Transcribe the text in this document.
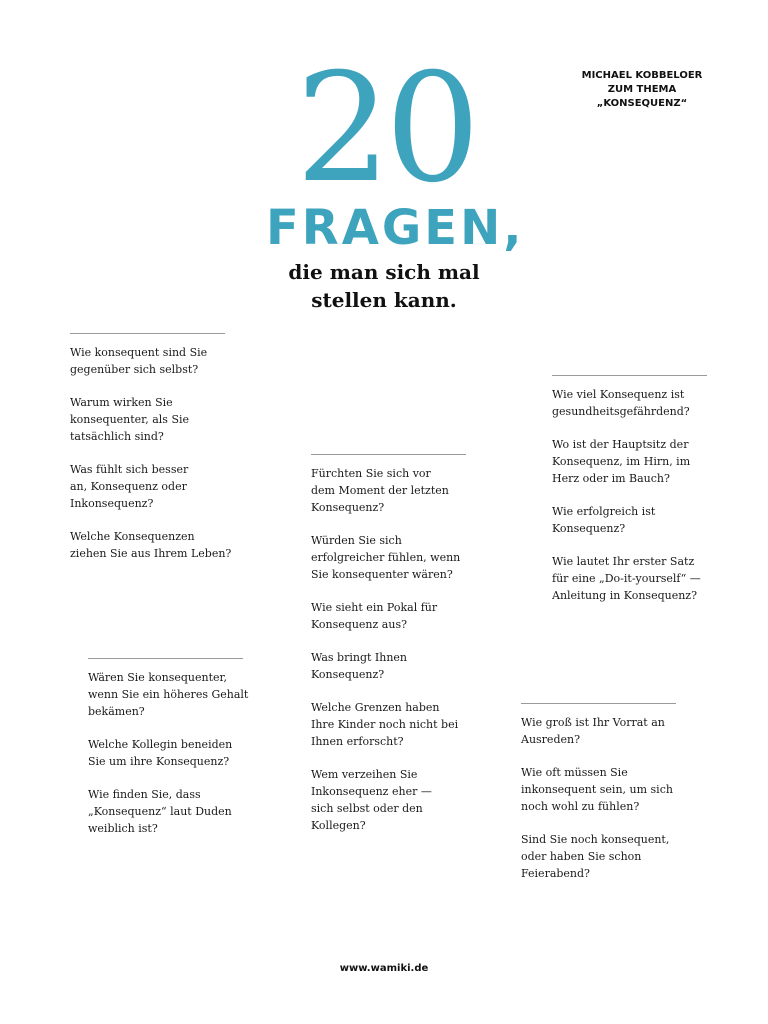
20
FRAGEN,
die man sich mal
stellen kann.
MICHAEL KOBBELOER
ZUM THEMA
„KONSEQUENZ“

Wie konsequent sind Sie
gegenüber sich selbst?

Warum wirken Sie
konsequenter, als Sie
tatsächlich sind?

Was fühlt sich besser
an, Konsequenz oder
Inkonsequenz?

Welche Konsequenzen
ziehen Sie aus Ihrem Leben?

Wären Sie konsequenter,
wenn Sie ein höheres Gehalt
bekämen?

Welche Kollegin beneiden
Sie um ihre Konsequenz?

Wie finden Sie, dass
„Konsequenz“ laut Duden
weiblich ist?

Fürchten Sie sich vor
dem Moment der letzten
Konsequenz?

Würden Sie sich
erfolgreicher fühlen, wenn
Sie konsequenter wären?

Wie sieht ein Pokal für
Konsequenz aus?

Was bringt Ihnen
Konsequenz?

Welche Grenzen haben
Ihre Kinder noch nicht bei
Ihnen erforscht?

Wem verzeihen Sie
Inkonsequenz eher —
sich selbst oder den
Kollegen?

Wie viel Konsequenz ist
gesundheitsgefährdend?

Wo ist der Hauptsitz der
Konsequenz, im Hirn, im
Herz oder im Bauch?

Wie erfolgreich ist
Konsequenz?

Wie lautet Ihr erster Satz
für eine „Do-it-yourself“ —
Anleitung in Konsequenz?

Wie groß ist Ihr Vorrat an
Ausreden?

Wie oft müssen Sie
inkonsequent sein, um sich
noch wohl zu fühlen?

Sind Sie noch konsequent,
oder haben Sie schon
Feierabend?

www.wamiki.de
